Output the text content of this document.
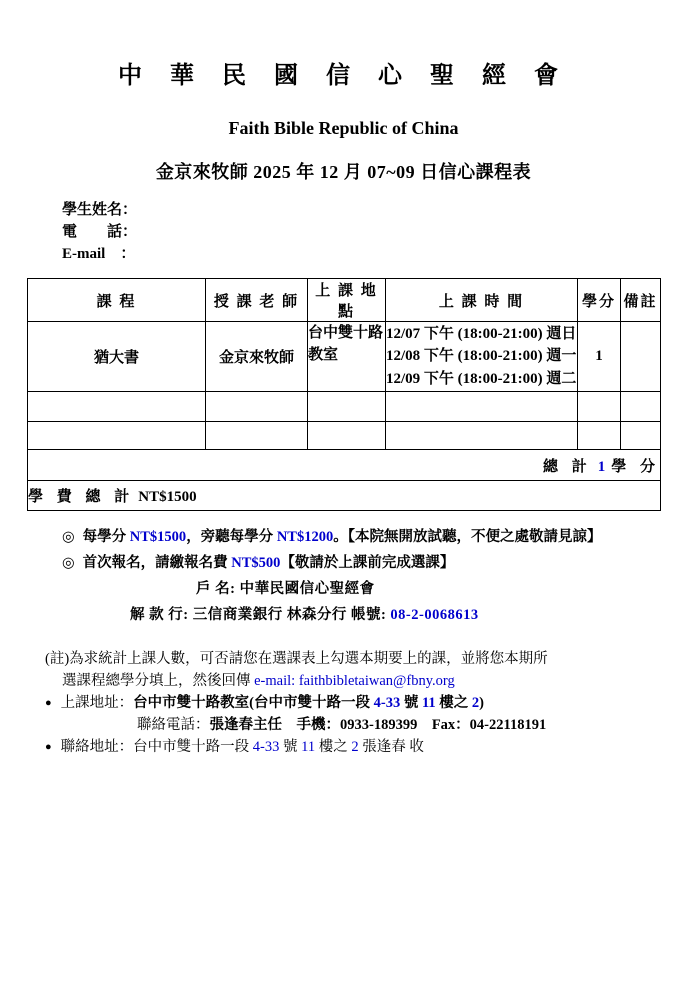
中 華 民 國 信 心 聖 經 會
Faith Bible Republic of China
金京來牧師 2025 年 12 月 07~09 日信心課程表
學生姓名：
電　　話：
E-mail　：
課 程	授 課 老 師	上 課 地 點	上 課 時 間	學分	備註
猶大書	金京來牧師	台中雙十路教室	12/07 下午 (18:00-21:00) 週日
12/08 下午 (18:00-21:00) 週一
12/09 下午 (18:00-21:00) 週二	1	

總 計 1 學 分					
學 費 總 計 NT$1500					
◎ 每學分 NT$1500，旁聽每學分 NT$1200。【本院無開放試聽，不便之處敬請見諒】
◎ 首次報名，請繳報名費 NT$500【敬請於上課前完成選課】
戶 名: 中華民國信心聖經會
解 款 行: 三信商業銀行 林森分行 帳號: 08-2-0068613
(註)為求統計上課人數，可否請您在選課表上勾選本期要上的課，並將您本期所
選課程總學分填上，然後回傳 e-mail: faithbibletaiwan@fbny.org
● 上課地址：台中市雙十路教室(台中市雙十路一段 4-33 號 11 樓之 2)
聯絡電話：張逢春主任　手機：0933-189399　Fax：04-22118191
● 聯絡地址：台中市雙十路一段 4-33 號 11 樓之 2 張逢春 收
